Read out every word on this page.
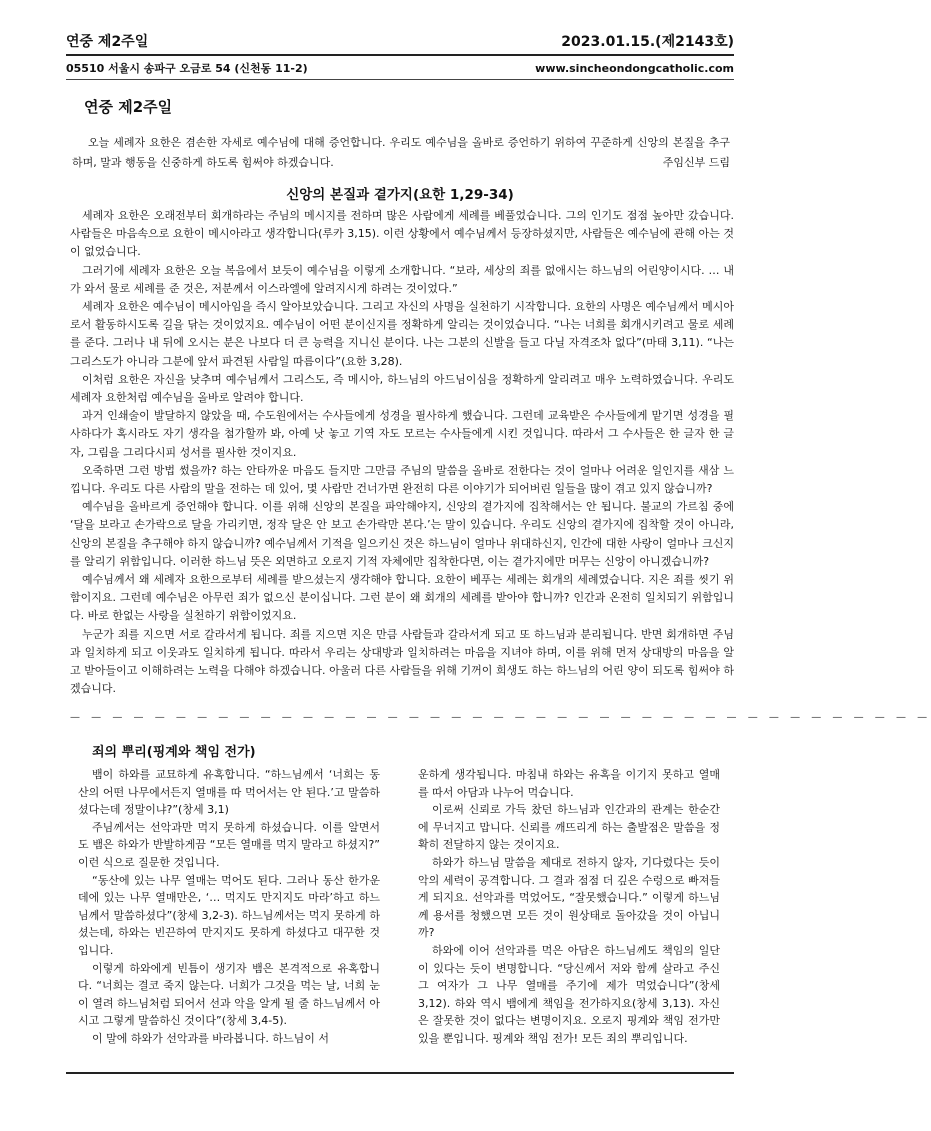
연중 제2주일	2023.01.15.(제2143호)
05510 서울시 송파구 오금로 54 (신천동 11-2)	www.sincheondongcatholic.com
연중 제2주일
오늘 세례자 요한은 겸손한 자세로 예수님에 대해 증언합니다. 우리도 예수님을 올바로 증언하기 위하여 꾸준하게 신앙의 본질을 추구하며, 말과 행동을 신중하게 하도록 힘써야 하겠습니다.	주임신부 드림
신앙의 본질과 곁가지(요한 1,29-34)

세례자 요한은 오래전부터 회개하라는 주님의 메시지를 전하며 많은 사람에게 세례를 베풀었습니다. 그의 인기도 점점 높아만 갔습니다. 사람들은 마음속으로 요한이 메시아라고 생각합니다(루카 3,15). 이런 상황에서 예수님께서 등장하셨지만, 사람들은 예수님에 관해 아는 것이 없었습니다.

그러기에 세례자 요한은 오늘 복음에서 보듯이 예수님을 이렇게 소개합니다. “보라, 세상의 죄를 없애시는 하느님의 어린양이시다. … 내가 와서 물로 세례를 준 것은, 저분께서 이스라엘에 알려지시게 하려는 것이었다.”

세례자 요한은 예수님이 메시아임을 즉시 알아보았습니다. 그리고 자신의 사명을 실천하기 시작합니다. 요한의 사명은 예수님께서 메시아로서 활동하시도록 길을 닦는 것이었지요. 예수님이 어떤 분이신지를 정확하게 알리는 것이었습니다. “나는 너희를 회개시키려고 물로 세례를 준다. 그러나 내 뒤에 오시는 분은 나보다 더 큰 능력을 지니신 분이다. 나는 그분의 신발을 들고 다닐 자격조차 없다”(마태 3,11). “나는 그리스도가 아니라 그분에 앞서 파견된 사람일 따름이다”(요한 3,28).

이처럼 요한은 자신을 낮추며 예수님께서 그리스도, 즉 메시아, 하느님의 아드님이심을 정확하게 알리려고 매우 노력하였습니다. 우리도 세례자 요한처럼 예수님을 올바로 알려야 합니다.

과거 인쇄술이 발달하지 않았을 때, 수도원에서는 수사들에게 성경을 필사하게 했습니다. 그런데 교육받은 수사들에게 맡기면 성경을 필사하다가 혹시라도 자기 생각을 첨가할까 봐, 아예 낫 놓고 기역 자도 모르는 수사들에게 시킨 것입니다. 따라서 그 수사들은 한 글자 한 글자, 그림을 그리다시피 성서를 필사한 것이지요.

오죽하면 그런 방법 썼을까? 하는 안타까운 마음도 들지만 그만큼 주님의 말씀을 올바로 전한다는 것이 얼마나 어려운 일인지를 새삼 느낍니다. 우리도 다른 사람의 말을 전하는 데 있어, 몇 사람만 건너가면 완전히 다른 이야기가 되어버린 일들을 많이 겪고 있지 않습니까?

예수님을 올바르게 증언해야 합니다. 이를 위해 신앙의 본질을 파악해야지, 신앙의 곁가지에 집착해서는 안 됩니다. 불교의 가르침 중에 ‘달을 보라고 손가락으로 달을 가리키면, 정작 달은 안 보고 손가락만 본다.’는 말이 있습니다. 우리도 신앙의 곁가지에 집착할 것이 아니라, 신앙의 본질을 추구해야 하지 않습니까? 예수님께서 기적을 일으키신 것은 하느님이 얼마나 위대하신지, 인간에 대한 사랑이 얼마나 크신지를 알리기 위함입니다. 이러한 하느님 뜻은 외면하고 오로지 기적 자체에만 집착한다면, 이는 곁가지에만 머무는 신앙이 아니겠습니까?

예수님께서 왜 세례자 요한으로부터 세례를 받으셨는지 생각해야 합니다. 요한이 베푸는 세례는 회개의 세례였습니다. 지은 죄를 씻기 위함이지요. 그런데 예수님은 아무런 죄가 없으신 분이십니다. 그런 분이 왜 회개의 세례를 받아야 합니까? 인간과 온전히 일치되기 위함입니다. 바로 한없는 사랑을 실천하기 위함이었지요.

누군가 죄를 지으면 서로 갈라서게 됩니다. 죄를 지으면 지은 만큼 사람들과 갈라서게 되고 또 하느님과 분리됩니다. 반면 회개하면 주님과 일치하게 되고 이웃과도 일치하게 됩니다. 따라서 우리는 상대방과 일치하려는 마음을 지녀야 하며, 이를 위해 먼저 상대방의 마음을 알고 받아들이고 이해하려는 노력을 다해야 하겠습니다. 아울러 다른 사람들을 위해 기꺼이 희생도 하는 하느님의 어린 양이 되도록 힘써야 하겠습니다.

— — — — — — — — — — — — — — — — — — — — — — — — — — — — — — — — — — — — — — — — —
죄의 뿌리(핑계와 책임 전가)

뱀이 하와를 교묘하게 유혹합니다. “하느님께서 ‘너희는 동산의 어떤 나무에서든지 열매를 따 먹어서는 안 된다.’고 말씀하셨다는데 정말이냐?”(창세 3,1)

주님께서는 선악과만 먹지 못하게 하셨습니다. 이를 알면서도 뱀은 하와가 반발하게끔 “모든 열매를 먹지 말라고 하셨지?” 이런 식으로 질문한 것입니다.

“동산에 있는 나무 열매는 먹어도 된다. 그러나 동산 한가운데에 있는 나무 열매만은, ‘… 먹지도 만지지도 마라’하고 하느님께서 말씀하셨다”(창세 3,2-3). 하느님께서는 먹지 못하게 하셨는데, 하와는 빈끈하여 만지지도 못하게 하셨다고 대꾸한 것입니다.

이렇게 하와에게 빈틈이 생기자 뱀은 본격적으로 유혹합니다. “너희는 결코 죽지 않는다. 너희가 그것을 먹는 날, 너희 눈이 열려 하느님처럼 되어서 선과 악을 알게 될 줄 하느님께서 아시고 그렇게 말씀하신 것이다”(창세 3,4-5).

이 말에 하와가 선악과를 바라봅니다. 하느님이 서

운하게 생각됩니다. 마침내 하와는 유혹을 이기지 못하고 열매를 따서 아담과 나누어 먹습니다.

이로써 신뢰로 가득 찼던 하느님과 인간과의 관계는 한순간에 무너지고 맙니다. 신뢰를 깨뜨리게 하는 출발점은 말씀을 정확히 전달하지 않는 것이지요.

하와가 하느님 말씀을 제대로 전하지 않자, 기다렸다는 듯이 악의 세력이 공격합니다. 그 결과 점점 더 깊은 수렁으로 빠져들게 되지요. 선악과를 먹었어도, “잘못했습니다.” 이렇게 하느님께 용서를 청했으면 모든 것이 원상태로 돌아갔을 것이 아닙니까?

하와에 이어 선악과를 먹은 아담은 하느님께도 책임의 일단이 있다는 듯이 변명합니다. “당신께서 저와 함께 살라고 주신 그 여자가 그 나무 열매를 주기에 제가 먹었습니다”(창세 3,12). 하와 역시 뱀에게 책임을 전가하지요(창세 3,13). 자신은 잘못한 것이 없다는 변명이지요. 오로지 핑계와 책임 전가만 있을 뿐입니다. 핑계와 책임 전가! 모든 죄의 뿌리입니다.
